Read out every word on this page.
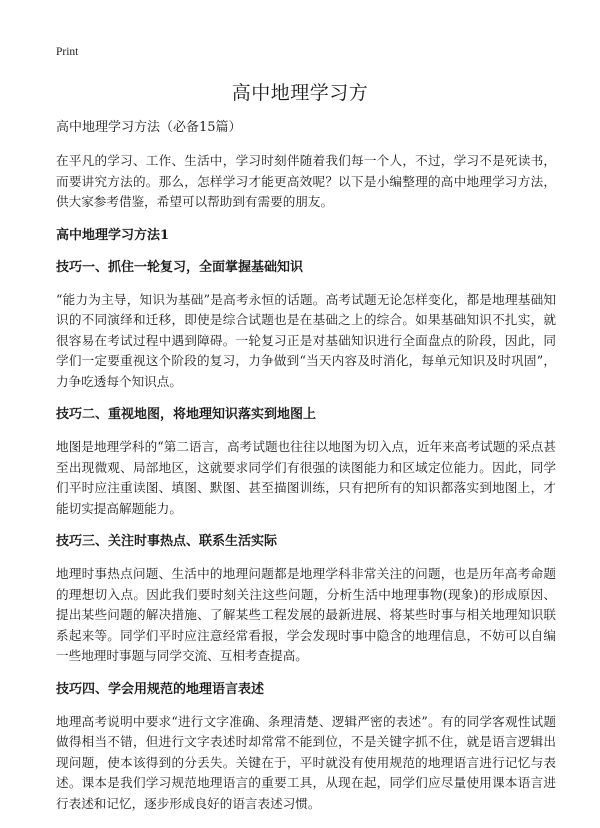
Print
高中地理学习方

高中地理学习方法（必备15篇）

在平凡的学习、工作、生活中，学习时刻伴随着我们每一个人，不过，学习不是死读书，而要讲究方法的。那么，怎样学习才能更高效呢？以下是小编整理的高中地理学习方法，供大家参考借鉴，希望可以帮助到有需要的朋友。

高中地理学习方法1

技巧一、抓住一轮复习，全面掌握基础知识

“能力为主导，知识为基础”是高考永恒的话题。高考试题无论怎样变化，都是地理基础知识的不同演绎和迁移，即使是综合试题也是在基础之上的综合。如果基础知识不扎实，就很容易在考试过程中遇到障碍。一轮复习正是对基础知识进行全面盘点的阶段，因此，同学们一定要重视这个阶段的复习，力争做到“当天内容及时消化，每单元知识及时巩固”，力争吃透每个知识点。

技巧二、重视地图，将地理知识落实到地图上

地图是地理学科的“第二语言，高考试题也往往以地图为切入点，近年来高考试题的采点甚至出现微观、局部地区，这就要求同学们有很强的读图能力和区域定位能力。因此，同学们平时应注重读图、填图、默图、甚至描图训练，只有把所有的知识都落实到地图上，才能切实提高解题能力。

技巧三、关注时事热点、联系生活实际

地理时事热点问题、生活中的地理问题都是地理学科非常关注的问题，也是历年高考命题的理想切入点。因此我们要时刻关注这些问题，分析生活中地理事物(现象)的形成原因、提出某些问题的解决措施、了解某些工程发展的最新进展、将某些时事与相关地理知识联系起来等。同学们平时应注意经常看报，学会发现时事中隐含的地理信息，不妨可以自编一些地理时事题与同学交流、互相考查提高。

技巧四、学会用规范的地理语言表述

地理高考说明中要求“进行文字准确、条理清楚、逻辑严密的表述”。有的同学客观性试题做得相当不错，但进行文字表述时却常常不能到位，不是关键字抓不住，就是语言逻辑出现问题，使本该得到的分丢失。关键在于，平时就没有使用规范的地理语言进行记忆与表述。课本是我们学习规范地理语言的重要工具，从现在起，同学们应尽量使用课本语言进行表述和记忆，逐步形成良好的语言表述习惯。
